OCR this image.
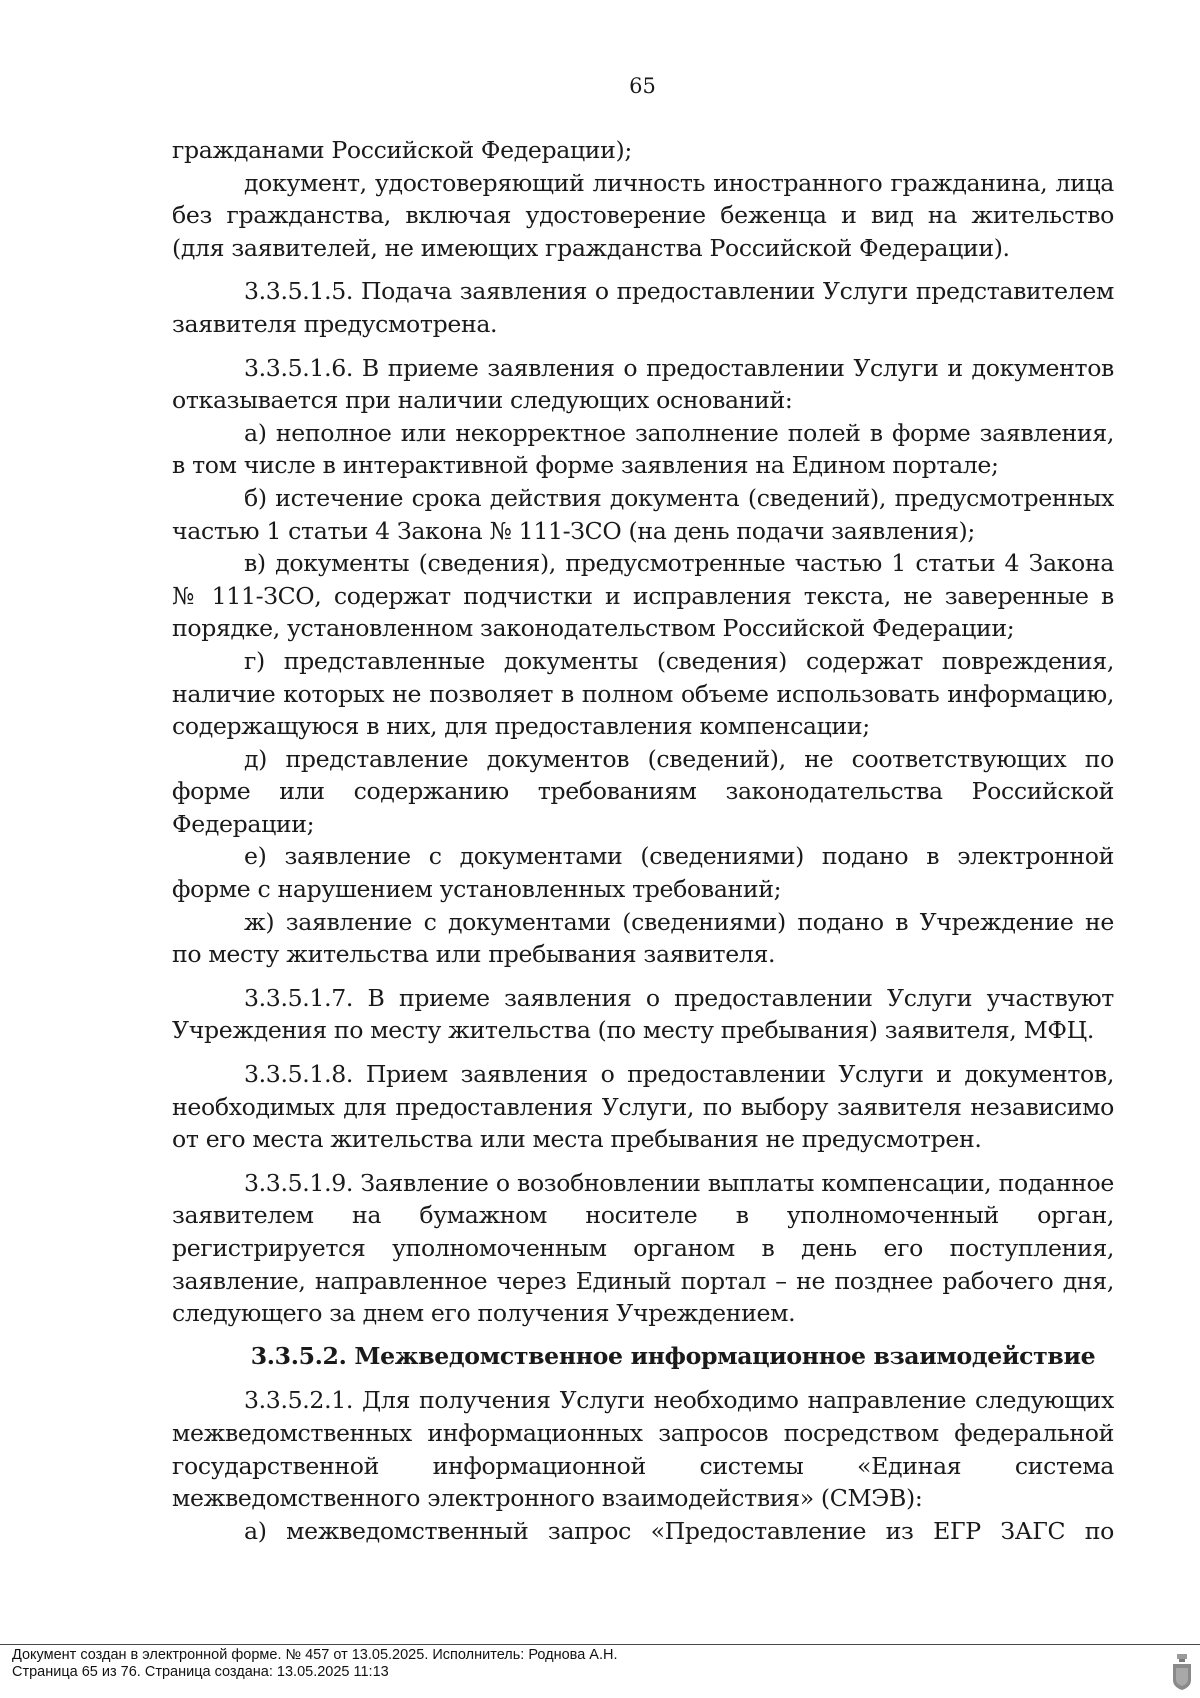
65

гражданами Российской Федерации);

документ, удостоверяющий личность иностранного гражданина, лица без гражданства, включая удостоверение беженца и вид на жительство (для заявителей, не имеющих гражданства Российской Федерации).

3.3.5.1.5. Подача заявления о предоставлении Услуги представителем заявителя предусмотрена.

3.3.5.1.6. В приеме заявления о предоставлении Услуги и документов отказывается при наличии следующих оснований:

а) неполное или некорректное заполнение полей в форме заявления, в том числе в интерактивной форме заявления на Едином портале;

б) истечение срока действия документа (сведений), предусмотренных частью 1 статьи 4 Закона № 111-ЗСО (на день подачи заявления);

в) документы (сведения), предусмотренные частью 1 статьи 4 Закона № 111-ЗСО, содержат подчистки и исправления текста, не заверенные в порядке, установленном законодательством Российской Федерации;

г) представленные документы (сведения) содержат повреждения, наличие которых не позволяет в полном объеме использовать информацию, содержащуюся в них, для предоставления компенсации;

д) представление документов (сведений), не соответствующих по форме или содержанию требованиям законодательства Российской Федерации;

е) заявление с документами (сведениями) подано в электронной форме с нарушением установленных требований;

ж) заявление с документами (сведениями) подано в Учреждение не по месту жительства или пребывания заявителя.

3.3.5.1.7. В приеме заявления о предоставлении Услуги участвуют Учреждения по месту жительства (по месту пребывания) заявителя, МФЦ.

3.3.5.1.8. Прием заявления о предоставлении Услуги и документов, необходимых для предоставления Услуги, по выбору заявителя независимо от его места жительства или места пребывания не предусмотрен.

3.3.5.1.9. Заявление о возобновлении выплаты компенсации, поданное заявителем на бумажном носителе в уполномоченный орган, регистрируется уполномоченным органом в день его поступления, заявление, направленное через Единый портал – не позднее рабочего дня, следующего за днем его получения Учреждением.

3.3.5.2. Межведомственное информационное взаимодействие

3.3.5.2.1. Для получения Услуги необходимо направление следующих межведомственных информационных запросов посредством федеральной государственной информационной системы «Единая система межведомственного электронного взаимодействия» (СМЭВ):

а) межведомственный запрос «Предоставление из ЕГР ЗАГС по

Документ создан в электронной форме. № 457 от 13.05.2025. Исполнитель: Роднова А.Н.
Страница 65 из 76. Страница создана: 13.05.2025 11:13
